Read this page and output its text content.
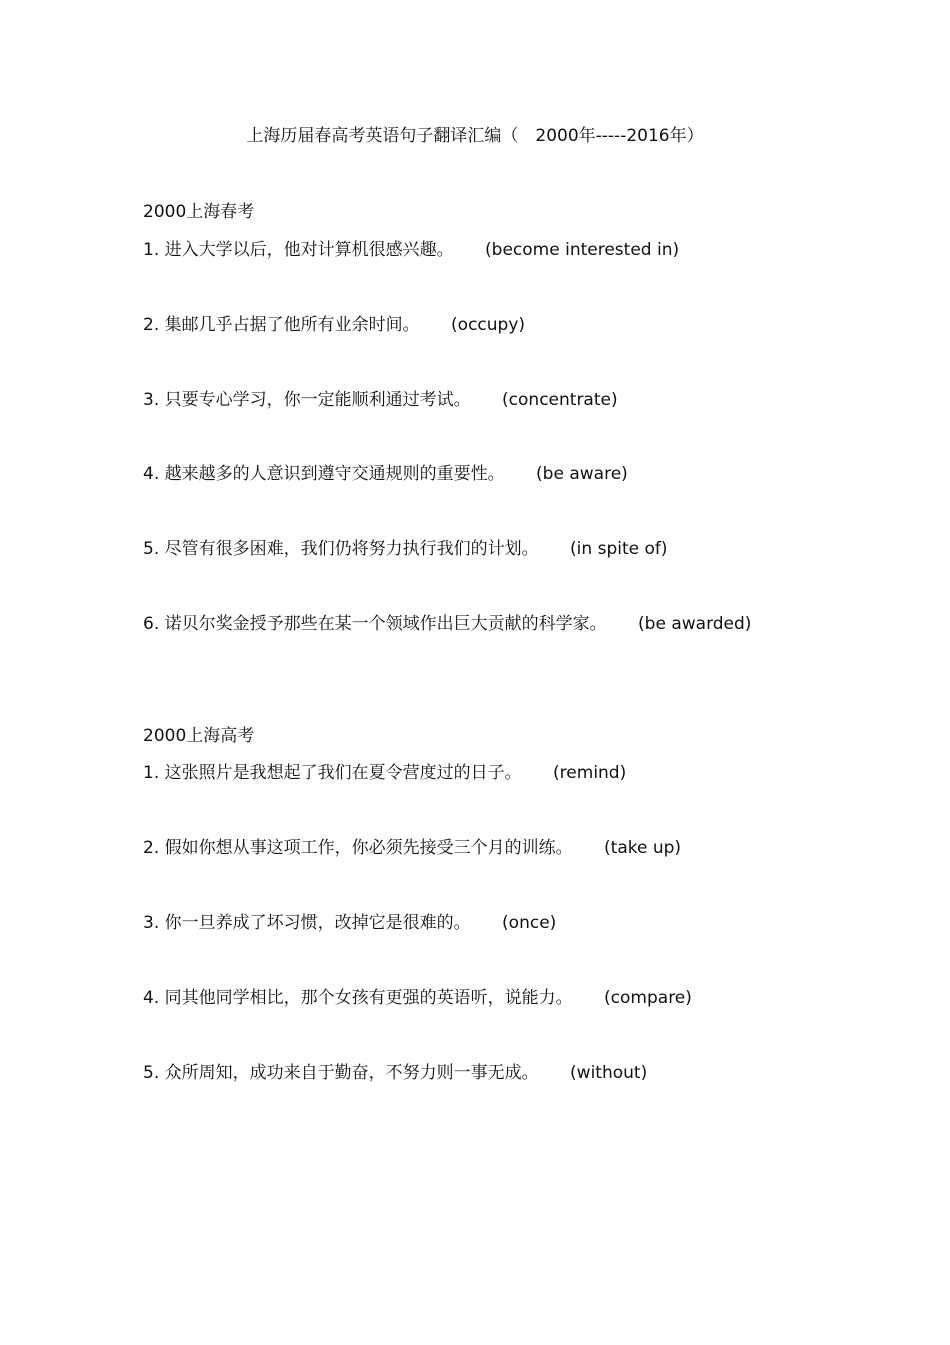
上海历届春高考英语句子翻译汇编（　2000年-----2016年）
2000上海春考
1. 进入大学以后，他对计算机很感兴趣。 (become interested in)
2. 集邮几乎占据了他所有业余时间。 (occupy)
3. 只要专心学习，你一定能顺利通过考试。 (concentrate)
4. 越来越多的人意识到遵守交通规则的重要性。 (be aware)
5. 尽管有很多困难，我们仍将努力执行我们的计划。 (in spite of)
6. 诺贝尔奖金授予那些在某一个领域作出巨大贡献的科学家。 (be awarded)
2000上海高考
1. 这张照片是我想起了我们在夏令营度过的日子。 (remind)
2. 假如你想从事这项工作，你必须先接受三个月的训练。 (take up)
3. 你一旦养成了坏习惯，改掉它是很难的。 (once)
4. 同其他同学相比，那个女孩有更强的英语听，说能力。 (compare)
5. 众所周知，成功来自于勤奋，不努力则一事无成。 (without)
